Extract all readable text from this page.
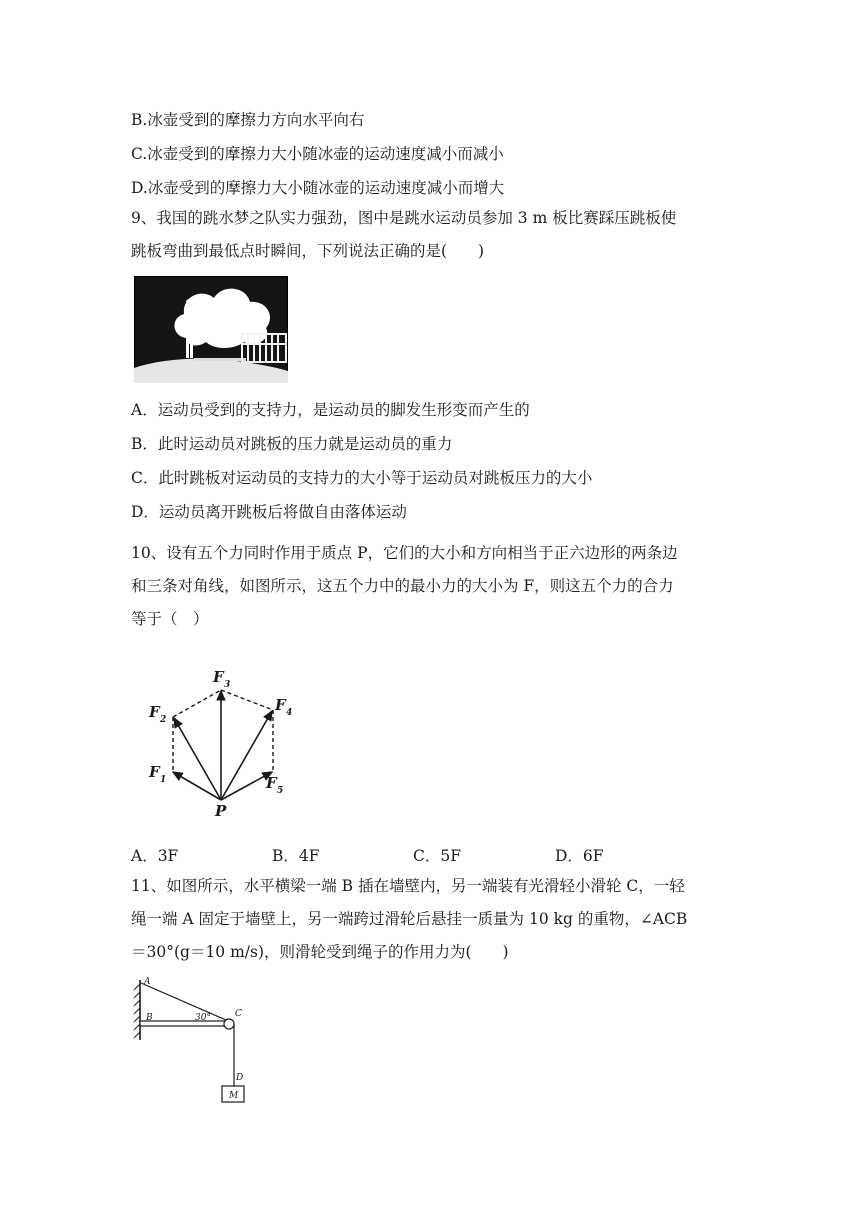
B.冰壶受到的摩擦力方向水平向右
C.冰壶受到的摩擦力大小随冰壶的运动速度减小而减小
D.冰壶受到的摩擦力大小随冰壶的运动速度减小而增大
9、我国的跳水梦之队实力强劲，图中是跳水运动员参加 3 m 板比赛踩压跳板使
跳板弯曲到最低点时瞬间，下列说法正确的是(　　)
A．运动员受到的支持力，是运动员的脚发生形变而产生的
B．此时运动员对跳板的压力就是运动员的重力
C．此时跳板对运动员的支持力的大小等于运动员对跳板压力的大小
D．运动员离开跳板后将做自由落体运动
10、设有五个力同时作用于质点 P，它们的大小和方向相当于正六边形的两条边
和三条对角线，如图所示，这五个力中的最小力的大小为 F，则这五个力的合力
等于（　）
F 1
F 2
F 3
F 4
F 5
P
A．3F	B．4F	C．5F	D．6F
11、如图所示，水平横梁一端 B 插在墙壁内，另一端装有光滑轻小滑轮 C，一轻
绳一端 A 固定于墙壁上，另一端跨过滑轮后悬挂一质量为 10 kg 的重物，∠ACB
＝30°(g＝10 m/s)，则滑轮受到绳子的作用力为(　　)
A
B	30°	C
D
M
